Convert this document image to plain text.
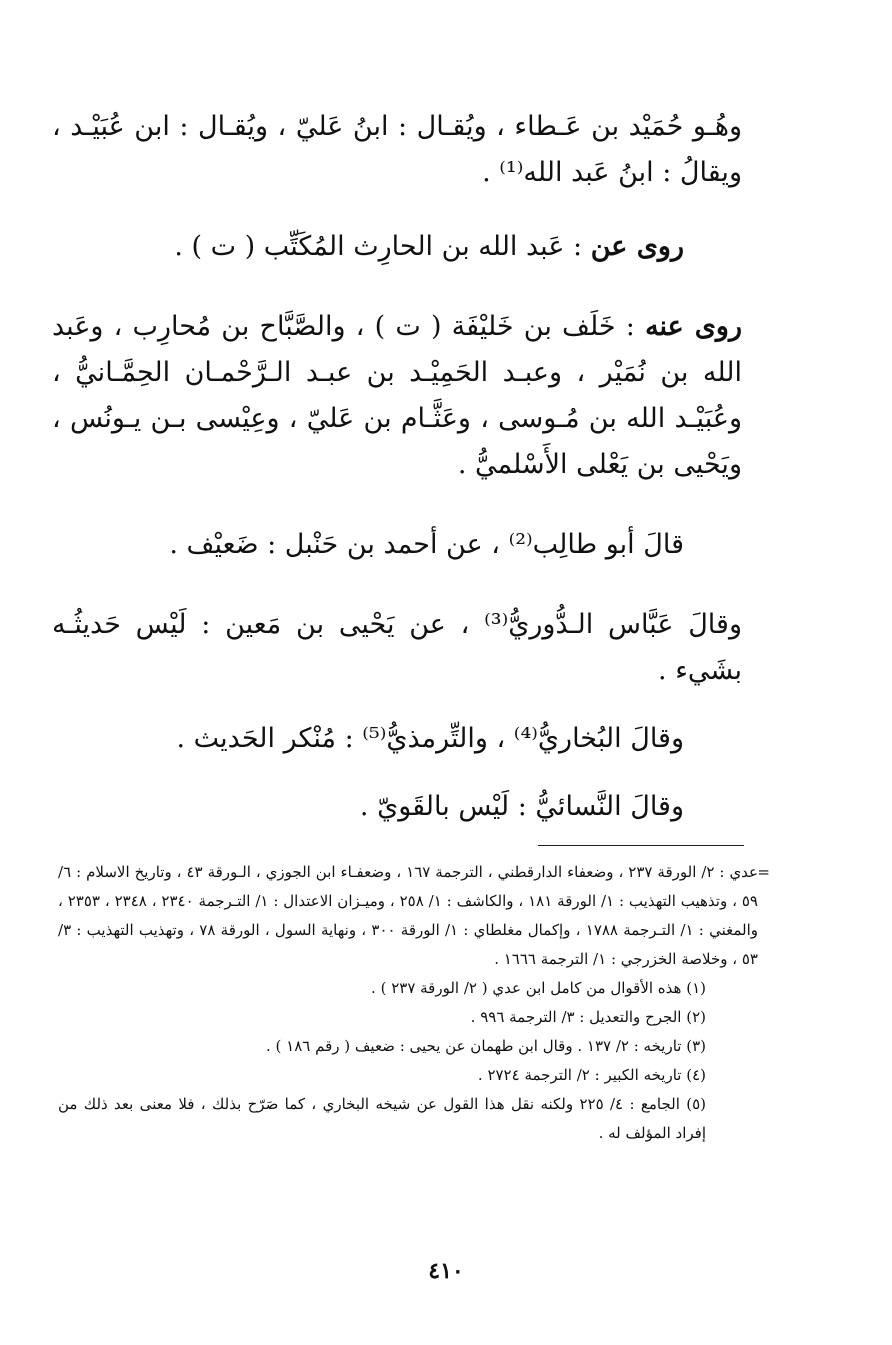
وهُـو حُمَيْد بن عَـطاء ، ويُقـال : ابنُ عَليّ ، ويُقـال : ابن عُبَيْـد ، ويقالُ : ابنُ عَبد الله⁽¹⁾ .

روى عن : عَبد الله بن الحارِث المُكَتِّب ( ت ) .

روى عنه : خَلَف بن خَليْفَة ( ت ) ، والصَّبَّاح بن مُحارِب ، وعَبد الله بن نُمَيْر ، وعبـد الحَمِيْـد بن عبـد الـرَّحْمـان الحِمَّـانيُّ ، وعُبَيْـد الله بن مُـوسى ، وعَثَّـام بن عَليّ ، وعِيْسى بـن يـونُس ، ويَحْيى بن يَعْلى الأَسْلميُّ .

قالَ أبو طالِب⁽²⁾ ، عن أحمد بن حَنْبل : ضَعيْف .

وقالَ عَبَّاس الـدُّوريُّ⁽³⁾ ، عن يَحْيى بن مَعين : لَيْس حَديثُـه بشَيء .

وقالَ البُخاريُّ⁽⁴⁾ ، والتِّرمذيُّ⁽⁵⁾ : مُنْكر الحَديث .

وقالَ النَّسائيُّ : لَيْس بالقَويّ .

=

عدي : ٢/ الورقة ٢٣٧ ، وضعفاء الدارقطني ، الترجمة ١٦٧ ، وضعفـاء ابن الجوزي ، الـورقة ٤٣ ، وتاريخ الاسلام : ٦/ ٥٩ ، وتذهيب التهذيب : ١/ الورقة ١٨١ ، والكاشف : ١/ ٢٥٨ ، وميـزان الاعتدال : ١/ التـرجمة ٢٣٤٠ ، ٢٣٤٨ ، ٢٣٥٣ ، والمغني : ١/ التـرجمة ١٧٨٨ ، وإكمال مغلطاي : ١/ الورقة ٣٠٠ ، ونهاية السول ، الورقة ٧٨ ، وتهذيب التهذيب : ٣/ ٥٣ ، وخلاصة الخزرجي : ١/ الترجمة ١٦٦٦ .

(١) هذه الأقوال من كامل ابن عدي ( ٢/ الورقة ٢٣٧ ) .

(٢) الجرح والتعديل : ٣/ الترجمة ٩٩٦ .

(٣) تاريخه : ٢/ ١٣٧ . وقال ابن طهمان عن يحيى : ضعيف ( رقم ١٨٦ ) .

(٤) تاريخه الكبير : ٢/ الترجمة ٢٧٢٤ .

(٥) الجامع : ٤/ ٢٢٥ ولكنه نقل هذا القول عن شيخه البخاري ، كما صَرّح بذلك ، فلا معنى بعد ذلك من إفراد المؤلف له .

٤١٠
